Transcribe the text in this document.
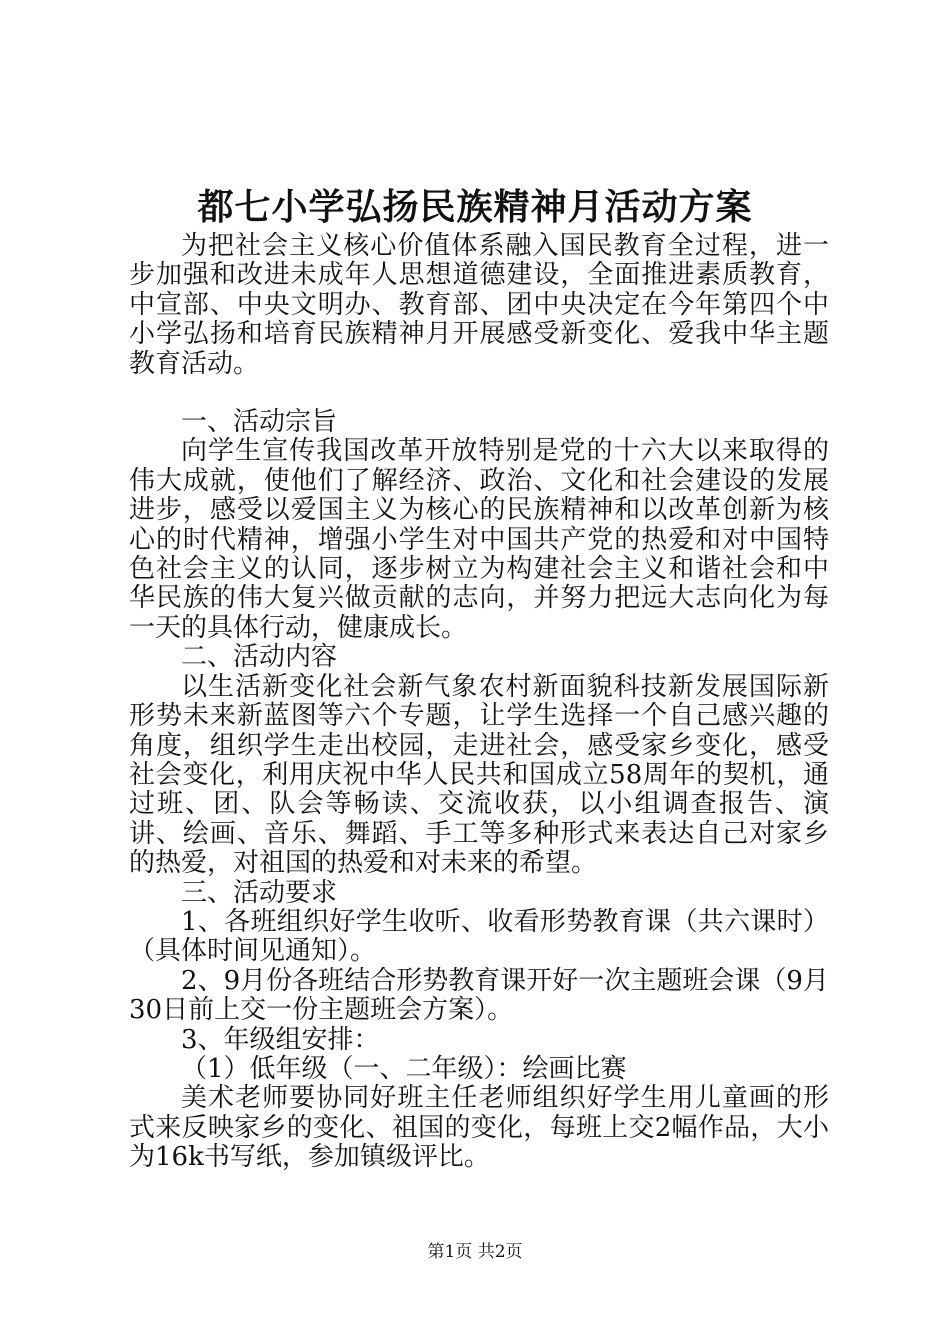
都七小学弘扬民族精神月活动方案

为把社会主义核心价值体系融入国民教育全过程，进一步加强和改进未成年人思想道德建设，全面推进素质教育，中宣部、中央文明办、教育部、团中央决定在今年第四个中小学弘扬和培育民族精神月开展感受新变化、爱我中华主题教育活动。

一、活动宗旨

向学生宣传我国改革开放特别是党的十六大以来取得的伟大成就，使他们了解经济、政治、文化和社会建设的发展进步，感受以爱国主义为核心的民族精神和以改革创新为核心的时代精神，增强小学生对中国共产党的热爱和对中国特色社会主义的认同，逐步树立为构建社会主义和谐社会和中华民族的伟大复兴做贡献的志向，并努力把远大志向化为每一天的具体行动，健康成长。

二、活动内容

以生活新变化社会新气象农村新面貌科技新发展国际新形势未来新蓝图等六个专题，让学生选择一个自己感兴趣的角度，组织学生走出校园，走进社会，感受家乡变化，感受社会变化，利用庆祝中华人民共和国成立58周年的契机，通过班、团、队会等畅读、交流收获，以小组调查报告、演讲、绘画、音乐、舞蹈、手工等多种形式来表达自己对家乡的热爱，对祖国的热爱和对未来的希望。

三、活动要求

1、各班组织好学生收听、收看形势教育课（共六课时）（具体时间见通知）。

2、9月份各班结合形势教育课开好一次主题班会课（9月30日前上交一份主题班会方案）。

3、年级组安排：

（1）低年级（一、二年级）：绘画比赛

美术老师要协同好班主任老师组织好学生用儿童画的形式来反映家乡的变化、祖国的变化，每班上交2幅作品，大小为16k书写纸，参加镇级评比。

第1页 共2页
